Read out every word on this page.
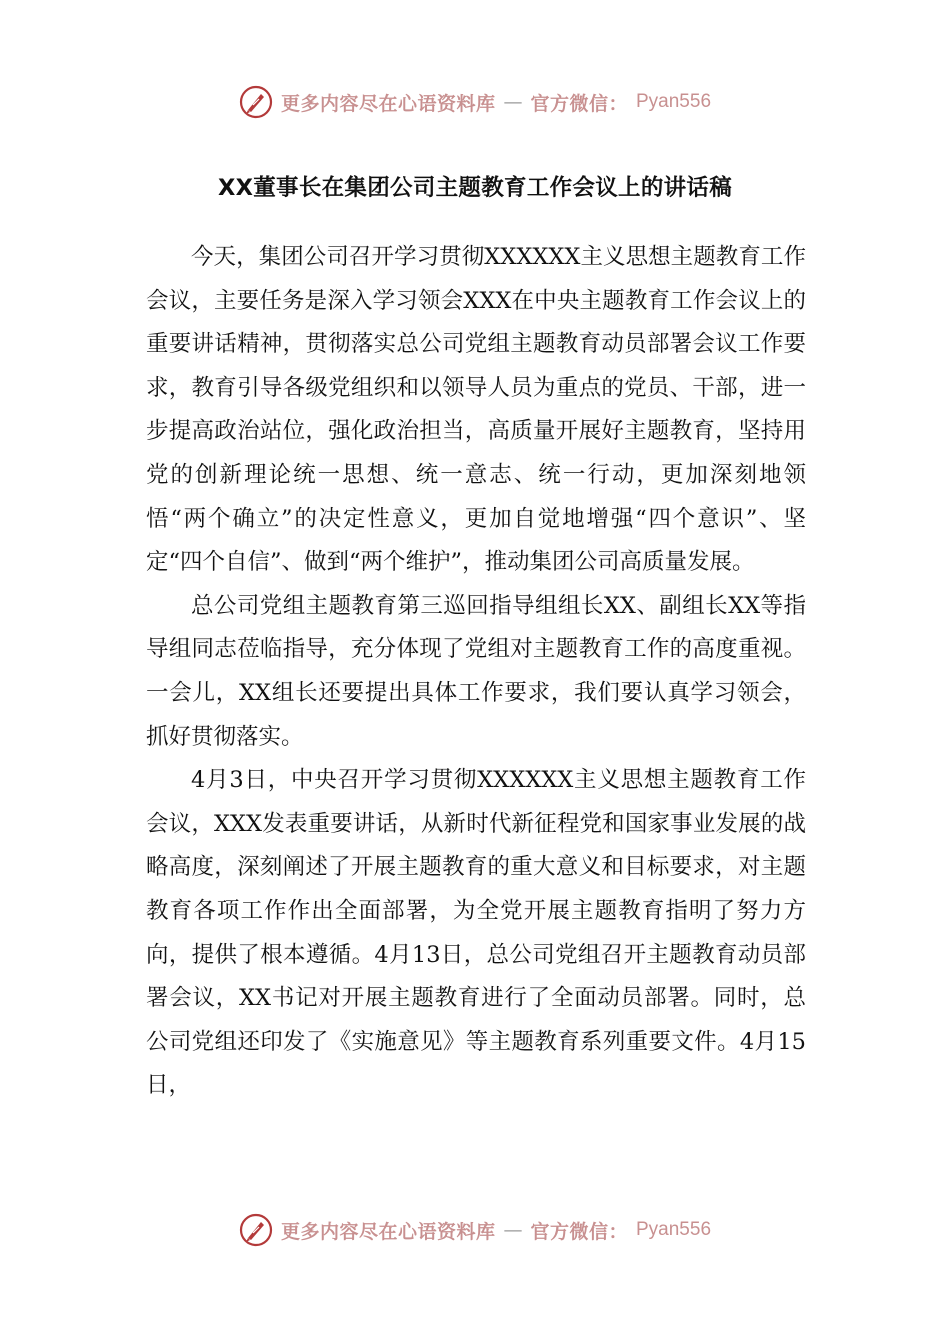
更多内容尽在心语资料库 — 官方微信： Pyan556
XX董事长在集团公司主题教育工作会议上的讲话稿

今天，集团公司召开学习贯彻XXXXXX主义思想主题教育工作会议，主要任务是深入学习领会XXX在中央主题教育工作会议上的重要讲话精神，贯彻落实总公司党组主题教育动员部署会议工作要求，教育引导各级党组织和以领导人员为重点的党员、干部，进一步提高政治站位，强化政治担当，高质量开展好主题教育，坚持用党的创新理论统一思想、统一意志、统一行动，更加深刻地领悟“两个确立”的决定性意义，更加自觉地增强“四个意识”、坚定“四个自信”、做到“两个维护”，推动集团公司高质量发展。

总公司党组主题教育第三巡回指导组组长XX、副组长XX等指导组同志莅临指导，充分体现了党组对主题教育工作的高度重视。一会儿，XX组长还要提出具体工作要求，我们要认真学习领会，抓好贯彻落实。

4月3日，中央召开学习贯彻XXXXXX主义思想主题教育工作会议，XXX发表重要讲话，从新时代新征程党和国家事业发展的战略高度，深刻阐述了开展主题教育的重大意义和目标要求，对主题教育各项工作作出全面部署，为全党开展主题教育指明了努力方向，提供了根本遵循。4月13日，总公司党组召开主题教育动员部署会议，XX书记对开展主题教育进行了全面动员部署。同时，总公司党组还印发了《实施意见》等主题教育系列重要文件。4月15日，

更多内容尽在心语资料库 — 官方微信： Pyan556
